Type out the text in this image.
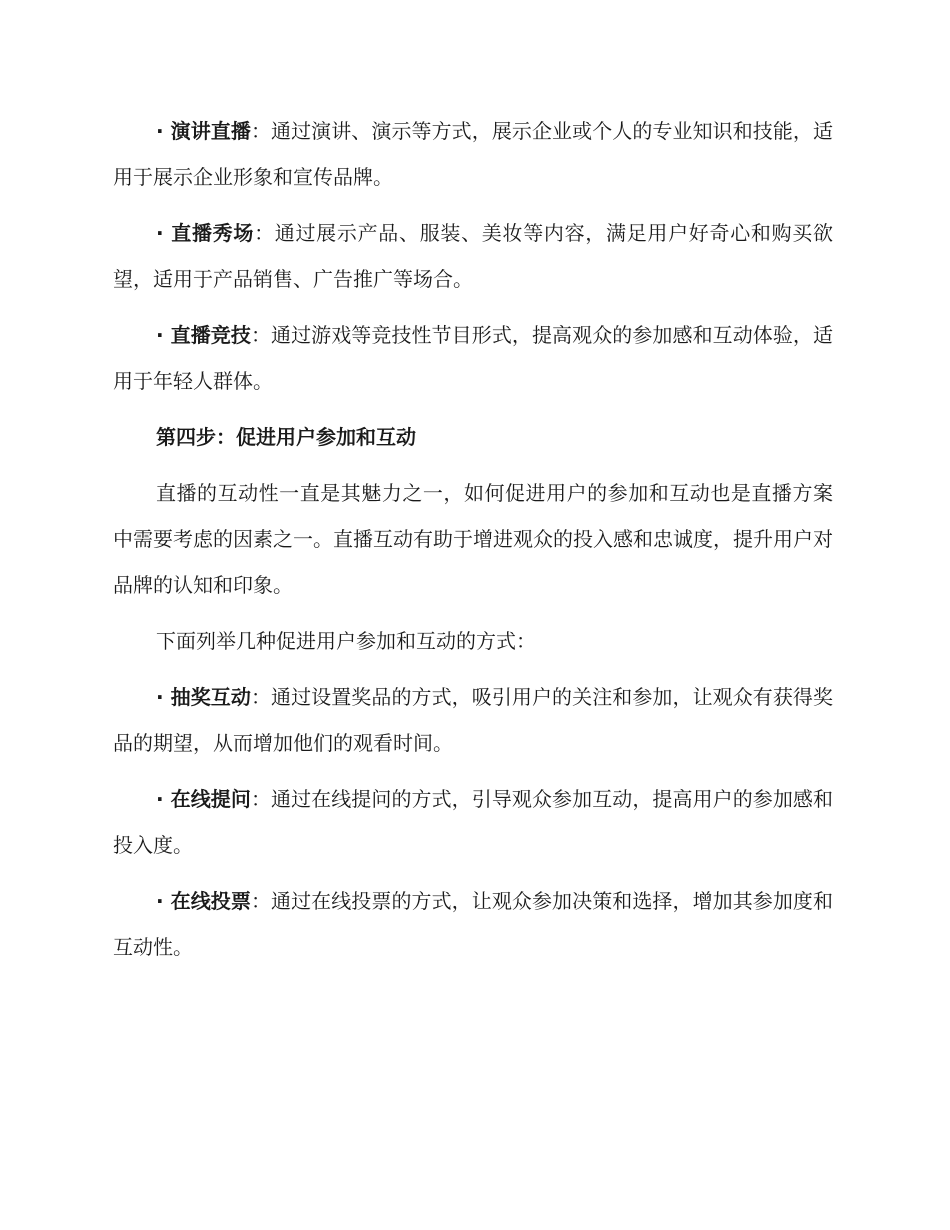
· 演讲直播：通过演讲、演示等方式，展示企业或个人的专业知识和技能，适用于展示企业形象和宣传品牌。

· 直播秀场：通过展示产品、服装、美妆等内容，满足用户好奇心和购买欲望，适用于产品销售、广告推广等场合。

· 直播竞技：通过游戏等竞技性节目形式，提高观众的参加感和互动体验，适用于年轻人群体。

第四步：促进用户参加和互动

直播的互动性一直是其魅力之一，如何促进用户的参加和互动也是直播方案中需要考虑的因素之一。直播互动有助于增进观众的投入感和忠诚度，提升用户对品牌的认知和印象。

下面列举几种促进用户参加和互动的方式：

· 抽奖互动：通过设置奖品的方式，吸引用户的关注和参加，让观众有获得奖品的期望，从而增加他们的观看时间。

· 在线提问：通过在线提问的方式，引导观众参加互动，提高用户的参加感和投入度。

· 在线投票：通过在线投票的方式，让观众参加决策和选择，增加其参加度和互动性。
